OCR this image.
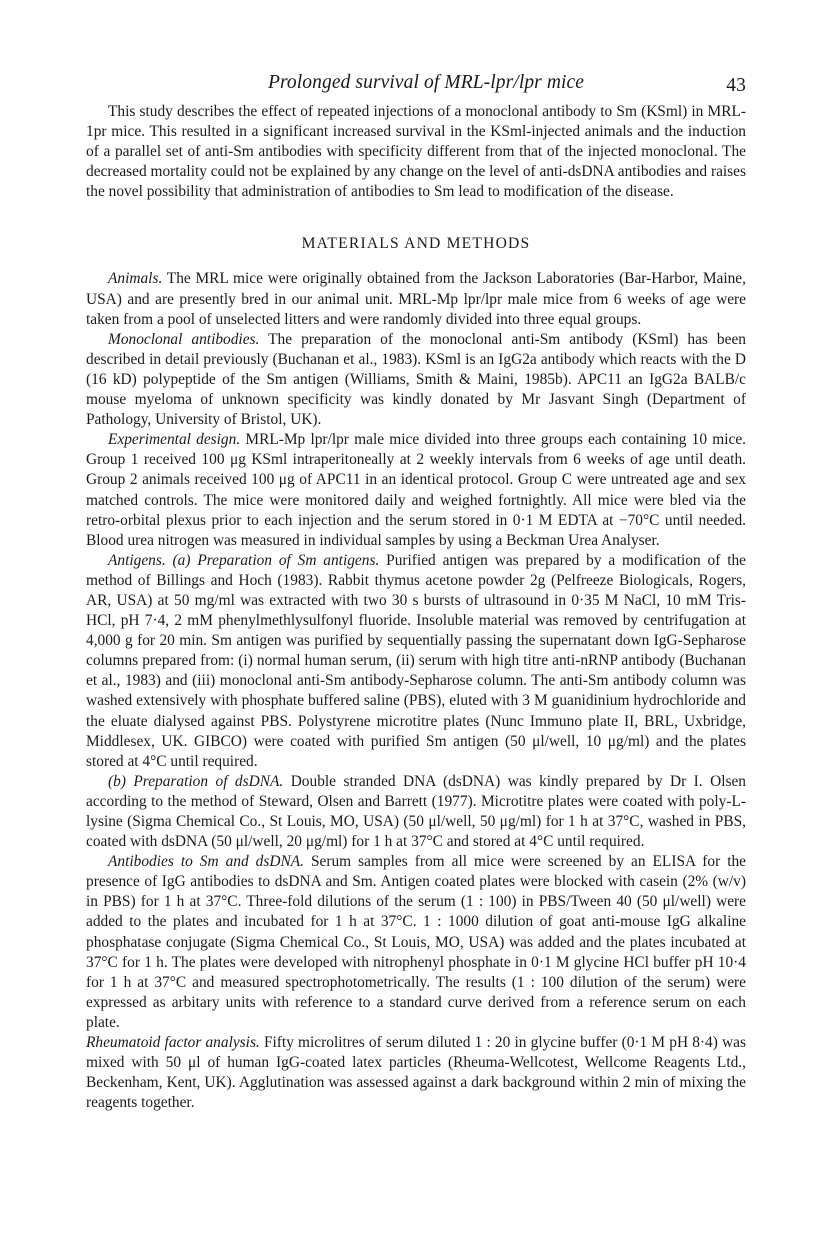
Prolonged survival of MRL-lpr/lpr mice	43

This study describes the effect of repeated injections of a monoclonal antibody to Sm (KSml) in MRL-1pr mice. This resulted in a significant increased survival in the KSml-injected animals and the induction of a parallel set of anti-Sm antibodies with specificity different from that of the injected monoclonal. The decreased mortality could not be explained by any change on the level of anti-dsDNA antibodies and raises the novel possibility that administration of antibodies to Sm lead to modification of the disease.

MATERIALS AND METHODS

Animals. The MRL mice were originally obtained from the Jackson Laboratories (Bar-Harbor, Maine, USA) and are presently bred in our animal unit. MRL-Mp lpr/lpr male mice from 6 weeks of age were taken from a pool of unselected litters and were randomly divided into three equal groups.

Monoclonal antibodies. The preparation of the monoclonal anti-Sm antibody (KSml) has been described in detail previously (Buchanan et al., 1983). KSml is an IgG2a antibody which reacts with the D (16 kD) polypeptide of the Sm antigen (Williams, Smith & Maini, 1985b). APC11 an IgG2a BALB/c mouse myeloma of unknown specificity was kindly donated by Mr Jasvant Singh (Department of Pathology, University of Bristol, UK).

Experimental design. MRL-Mp lpr/lpr male mice divided into three groups each containing 10 mice. Group 1 received 100 μg KSml intraperitoneally at 2 weekly intervals from 6 weeks of age until death. Group 2 animals received 100 μg of APC11 in an identical protocol. Group C were untreated age and sex matched controls. The mice were monitored daily and weighed fortnightly. All mice were bled via the retro-orbital plexus prior to each injection and the serum stored in 0·1 M EDTA at −70°C until needed. Blood urea nitrogen was measured in individual samples by using a Beckman Urea Analyser.

Antigens. (a) Preparation of Sm antigens. Purified antigen was prepared by a modification of the method of Billings and Hoch (1983). Rabbit thymus acetone powder 2g (Pelfreeze Biologicals, Rogers, AR, USA) at 50 mg/ml was extracted with two 30 s bursts of ultrasound in 0·35 M NaCl, 10 mM Tris-HCl, pH 7·4, 2 mM phenylmethlysulfonyl fluoride. Insoluble material was removed by centrifugation at 4,000 g for 20 min. Sm antigen was purified by sequentially passing the supernatant down IgG-Sepharose columns prepared from: (i) normal human serum, (ii) serum with high titre anti-nRNP antibody (Buchanan et al., 1983) and (iii) monoclonal anti-Sm antibody-Sepharose column. The anti-Sm antibody column was washed extensively with phosphate buffered saline (PBS), eluted with 3 M guanidinium hydrochloride and the eluate dialysed against PBS. Polystyrene microtitre plates (Nunc Immuno plate II, BRL, Uxbridge, Middlesex, UK. GIBCO) were coated with purified Sm antigen (50 μl/well, 10 μg/ml) and the plates stored at 4°C until required.

(b) Preparation of dsDNA. Double stranded DNA (dsDNA) was kindly prepared by Dr I. Olsen according to the method of Steward, Olsen and Barrett (1977). Microtitre plates were coated with poly-L-lysine (Sigma Chemical Co., St Louis, MO, USA) (50 μl/well, 50 μg/ml) for 1 h at 37°C, washed in PBS, coated with dsDNA (50 μl/well, 20 μg/ml) for 1 h at 37°C and stored at 4°C until required.

Antibodies to Sm and dsDNA. Serum samples from all mice were screened by an ELISA for the presence of IgG antibodies to dsDNA and Sm. Antigen coated plates were blocked with casein (2% (w/v) in PBS) for 1 h at 37°C. Three-fold dilutions of the serum (1 : 100) in PBS/Tween 40 (50 μl/well) were added to the plates and incubated for 1 h at 37°C. 1 : 1000 dilution of goat anti-mouse IgG alkaline phosphatase conjugate (Sigma Chemical Co., St Louis, MO, USA) was added and the plates incubated at 37°C for 1 h. The plates were developed with nitrophenyl phosphate in 0·1 M glycine HCl buffer pH 10·4 for 1 h at 37°C and measured spectrophotometrically. The results (1 : 100 dilution of the serum) were expressed as arbitary units with reference to a standard curve derived from a reference serum on each plate.

Rheumatoid factor analysis. Fifty microlitres of serum diluted 1 : 20 in glycine buffer (0·1 M pH 8·4) was mixed with 50 μl of human IgG-coated latex particles (Rheuma-Wellcotest, Wellcome Reagents Ltd., Beckenham, Kent, UK). Agglutination was assessed against a dark background within 2 min of mixing the reagents together.
